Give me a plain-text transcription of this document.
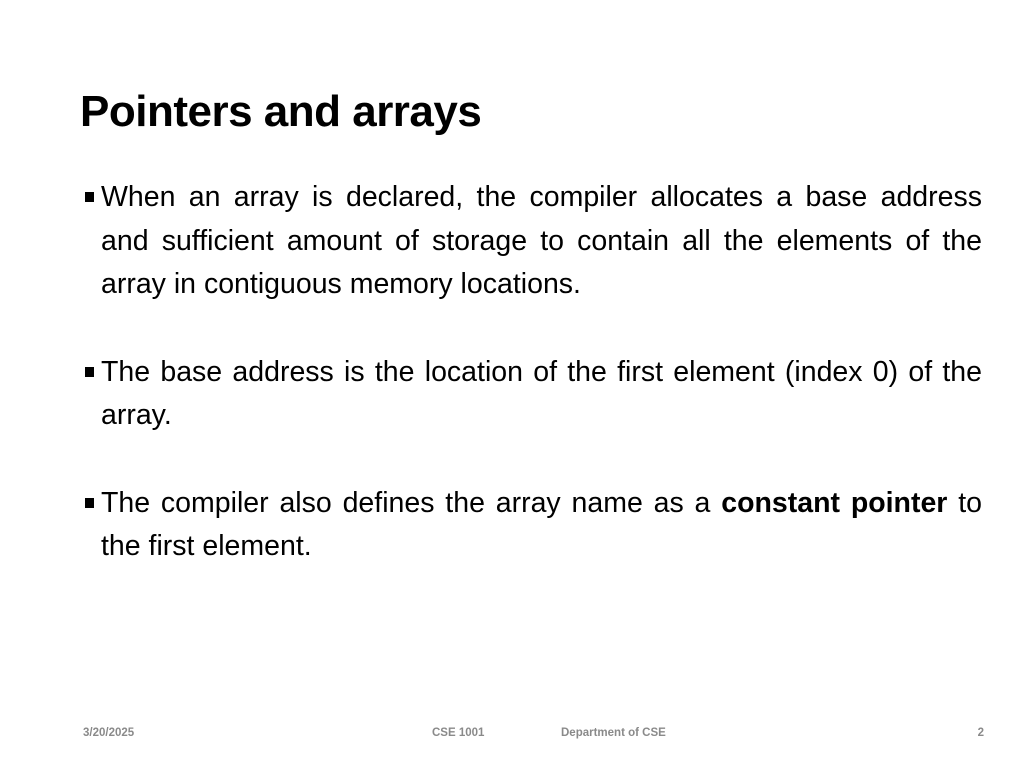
Pointers and arrays
When an array is declared, the compiler allocates a base address and sufficient amount of storage to contain all the elements of the array in contiguous memory locations.
The base address is the location of the first element (index 0) of the array.
The compiler also defines the array name as a constant pointer to the first element.
3/20/2025	CSE 1001	Department of CSE	2
